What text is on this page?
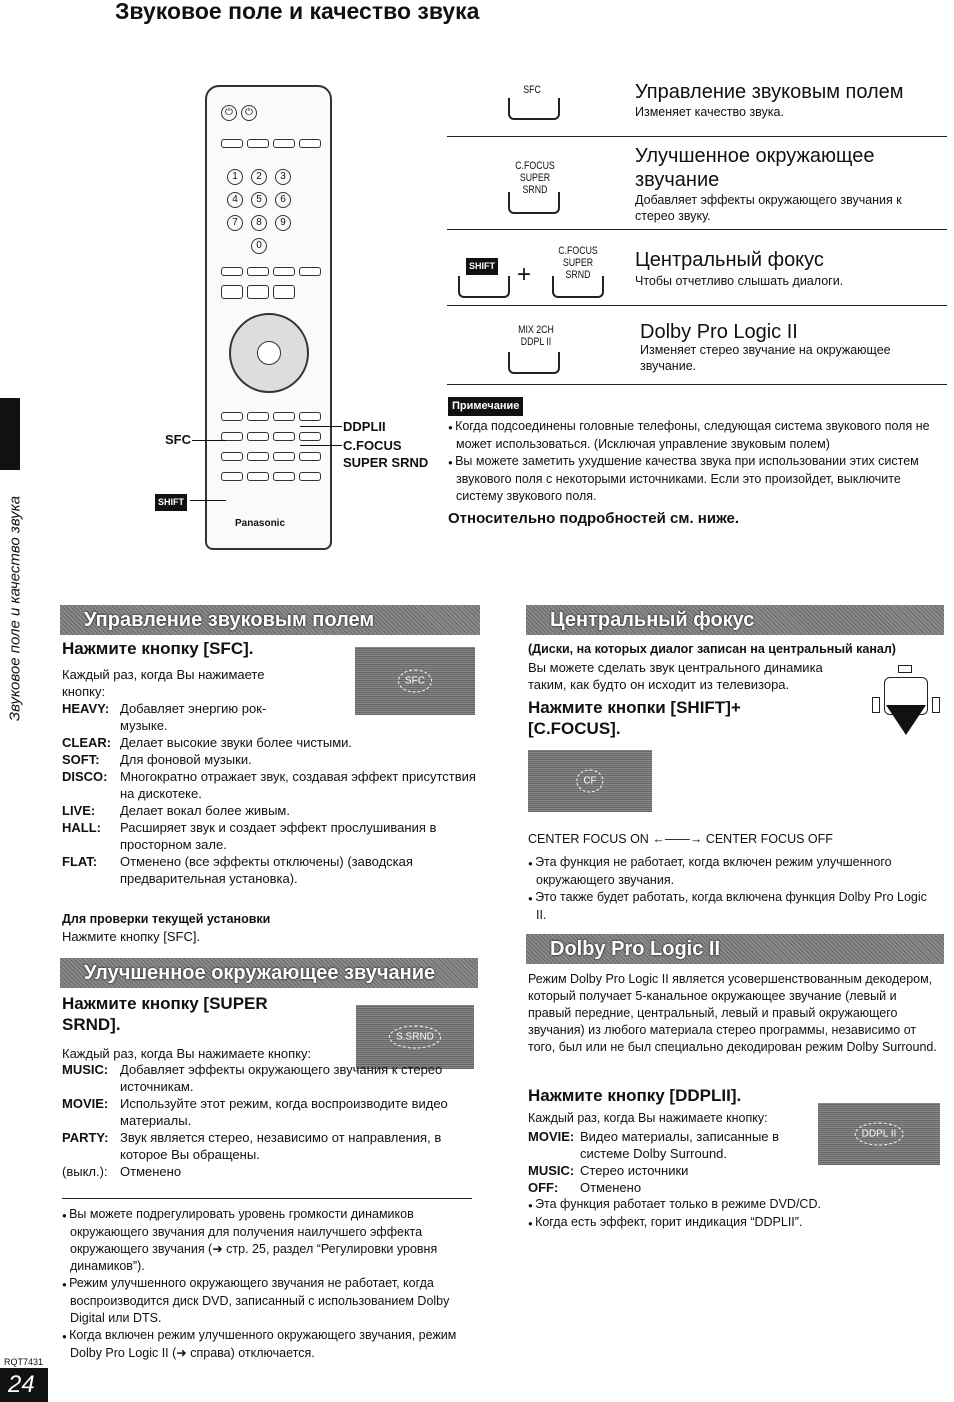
Звуковое поле и качество звука
Звуковое поле и качество звука
⏻	⏻
1	2	3
4	5	6
7	8	9
0
Panasonic
SFC
SHIFT
DDPLII
C.FOCUS
SUPER SRND
SFC	Управление звуковым полем
Изменяет качество звука.
C.FOCUS SUPER SRND
Улучшенное окружающее звучание
Добавляет эффекты окружающего звучания к стерео звуку.
SHIFT +
C.FOCUS SUPER SRND
Центральный фокус
Чтобы отчетливо слышать диалоги.
MIX 2CH DDPL II	Dolby Pro Logic II
Изменяет стерео звучание на окружающее звучание.
Примечание
● Когда подсоединены головные телефоны, следующая система звукового поля не может использоваться. (Исключая управление звуковым полем)
● Вы можете заметить ухудшение качества звука при использовании этих систем звукового поля с некоторыми источниками. Если это произойдет, выключите систему звукового поля.
Относительно подробностей см. ниже.
Управление звуковым полем
Нажмите кнопку [SFC].
SFC
Каждый раз, когда Вы нажимаете кнопку:
HEAVY: Добавляет энергию рок-музыке.
CLEAR: Делает высокие звуки более чистыми.
SOFT:	Для фоновой музыки.
DISCO: Многократно отражает звук, создавая эффект присутствия на дискотеке.
LIVE:	Делает вокал более живым.
HALL:	Расширяет звук и создает эффект прослушивания в просторном зале.
FLAT:	Отменено (все эффекты отключены) (заводская предварительная установка).
Для проверки текущей установки
Нажмите кнопку [SFC].
Улучшенное окружающее звучание
Нажмите кнопку [SUPER SRND].
S.SRND
Каждый раз, когда Вы нажимаете кнопку:
MUSIC: Добавляет эффекты окружающего звучания к стерео источникам.
MOVIE: Используйте этот режим, когда воспроизводите видео материалы.
PARTY: Звук является стерео, независимо от направления, в которое Вы обращены.
(выкл.): Отменено
● Вы можете подрегулировать уровень громкости динамиков окружающего звучания для получения наилучшего эффекта окружающего звучания (➜ стр. 25, раздел “Регулировки уровня динамиков”).
● Режим улучшенного окружающего звучания не работает, когда воспроизводится диск DVD, записанный с использованием Dolby Digital или DTS.
● Когда включен режим улучшенного окружающего звучания, режим Dolby Pro Logic II (➜ справа) отключается.
Центральный фокус
(Диски, на которых диалог записан на центральный канал)
Вы можете сделать звук центрального динамика таким, как будто он исходит из телевизора.
Нажмите кнопки [SHIFT]+[C.FOCUS].
CF
CENTER FOCUS ON ←——→ CENTER FOCUS OFF
● Эта функция не работает, когда включен режим улучшенного окружающего звучания.
● Это также будет работать, когда включена функция Dolby Pro Logic II.
Dolby Pro Logic II
Режим Dolby Pro Logic II является усовершенствованным декодером, который получает 5-канальное окружающее звучание (левый и правый передние, центральный, левый и правый окружающего звучания) из любого материала стерео программы, независимо от того, был или не был специально декодирован режим Dolby Surround.
Нажмите кнопку [DDPLII].
DDPL II
Каждый раз, когда Вы нажимаете кнопку:
MOVIE: Видео материалы, записанные в системе Dolby Surround.
MUSIC: Стерео источники
OFF:	Отменено
● Эта функция работает только в режиме DVD/CD.
● Когда есть эффект, горит индикация “DDPLII”.
RQT7431
24
